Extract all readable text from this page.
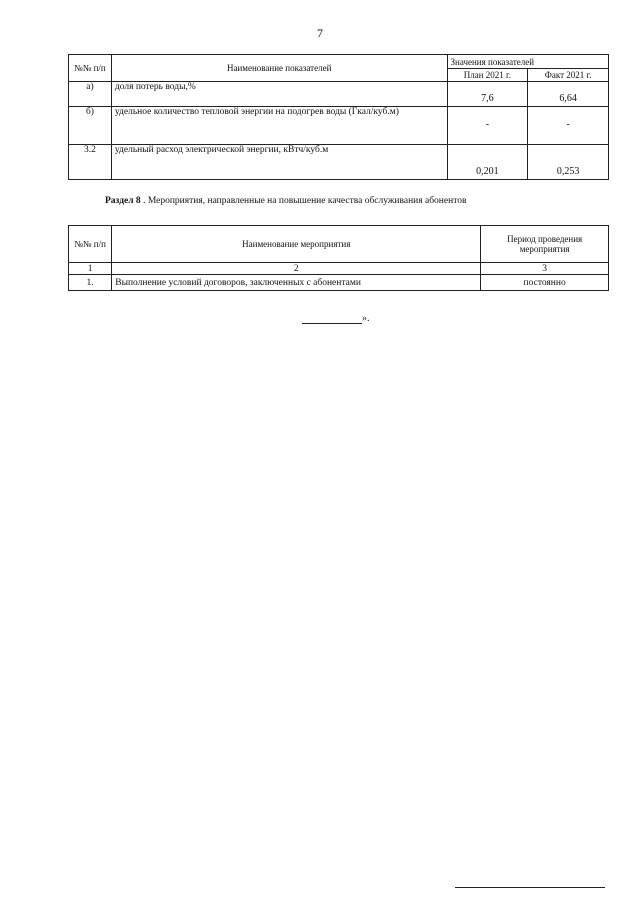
7
№№ п/п	Наименование показателей	Значения показателей	
		План 2021 г.	Факт 2021 г.
а)	доля потерь воды,%	7,6	6,64
б)	удельное количество тепловой энергии на подогрев воды (Гкал/куб.м)	-	-
3.2	удельный расход электрической энергии, кВтч/куб.м	0,201	0,253
Раздел 8 . Мероприятия, направленные на повышение качества обслуживания абонентов
№№ п/п	Наименование мероприятия	Период проведения мероприятия
1	2	3
1.	Выполнение условий договоров, заключенных с абонентами	постоянно
».
